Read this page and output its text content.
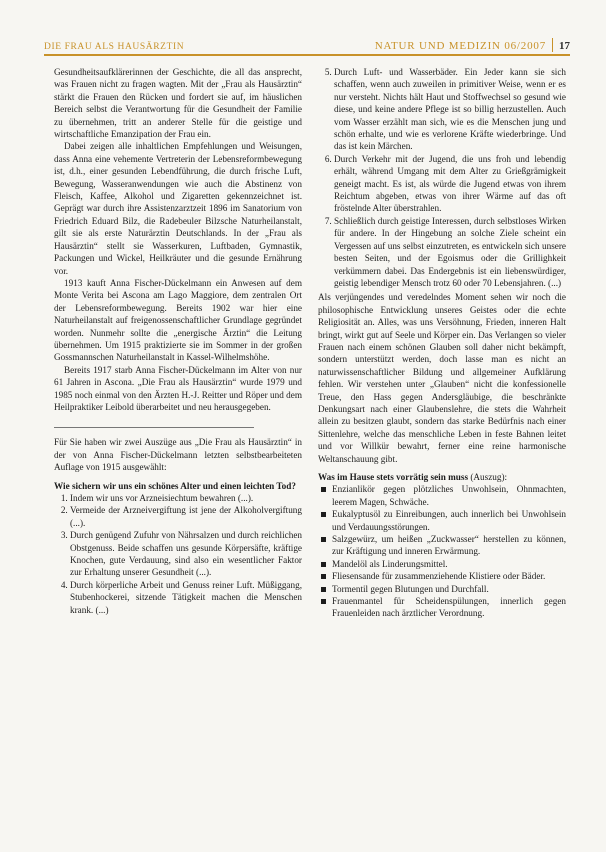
DIE FRAU ALS HAUSÄRZTIN	NATUR UND MEDIZIN 06/2007 17

Gesundheitsaufklärerinnen der Geschichte, die all das ansprecht, was Frauen nicht zu fragen wagten. Mit der „Frau als Hausärztin“ stärkt die Frauen den Rücken und fordert sie auf, im häuslichen Bereich selbst die Verantwortung für die Gesundheit der Familie zu übernehmen, tritt an anderer Stelle für die geistige und wirtschaftliche Emanzipation der Frau ein.

Dabei zeigen alle inhaltlichen Empfehlungen und Weisungen, dass Anna eine vehemente Vertreterin der Lebensreformbewegung ist, d.h., einer gesunden Lebendführung, die durch frische Luft, Bewegung, Wasseranwendungen wie auch die Abstinenz von Fleisch, Kaffee, Alkohol und Zigaretten gekennzeichnet ist. Geprägt war durch ihre Assistenzarztzeit 1896 im Sanatorium von Friedrich Eduard Bilz, die Radebeuler Bilzsche Naturheilanstalt, gilt sie als erste Naturärztin Deutschlands. In der „Frau als Hausärztin“ stellt sie Wasserkuren, Luftbaden, Gymnastik, Packungen und Wickel, Heilkräuter und die gesunde Ernährung vor.

1913 kauft Anna Fischer-Dückelmann ein Anwesen auf dem Monte Verita bei Ascona am Lago Maggiore, dem zentralen Ort der Lebensreformbewegung. Bereits 1902 war hier eine Naturheilanstalt auf freigenossenschaftlicher Grundlage gegründet worden. Nunmehr sollte die „energische Ärztin“ die Leitung übernehmen. Um 1915 praktizierte sie im Sommer in der großen Gossmannschen Naturheilanstalt in Kassel-Wilhelmshöhe.

Bereits 1917 starb Anna Fischer-Dückelmann im Alter von nur 61 Jahren in Ascona. „Die Frau als Hausärztin“ wurde 1979 und 1985 noch einmal von den Ärzten H.-J. Reitter und Röper und dem Heilpraktiker Leibold überarbeitet und neu herausgegeben.

Für Sie haben wir zwei Auszüge aus „Die Frau als Hausärztin“ in der von Anna Fischer-Dückelmann letzten selbstbearbeiteten Auflage von 1915 ausgewählt:

Wie sichern wir uns ein schönes Alter und einen leichten Tod?

1. Indem wir uns vor Arzneisiechtum bewahren (...).
2. Vermeide der Arzneivergiftung ist jene der Alkoholvergiftung (...).
3. Durch genügend Zufuhr von Nährsalzen und durch reichlichen Obstgenuss. Beide schaffen uns gesunde Körpersäfte, kräftige Knochen, gute Verdauung, sind also ein wesentlicher Faktor zur Erhaltung unserer Gesundheit (...).
4. Durch körperliche Arbeit und Genuss reiner Luft. Müßiggang, Stubenhockerei, sitzende Tätigkeit machen die Menschen krank. (...)
5. Durch Luft- und Wasserbäder. Ein Jeder kann sie sich schaffen, wenn auch zuweilen in primitiver Weise, wenn er es nur versteht. Nichts hält Haut und Stoffwechsel so gesund wie diese, und keine andere Pflege ist so billig herzustellen. Auch vom Wasser erzählt man sich, wie es die Menschen jung und schön erhalte, und wie es verlorene Kräfte wiederbringe. Und das ist kein Märchen.
6. Durch Verkehr mit der Jugend, die uns froh und lebendig erhält, während Umgang mit dem Alter zu Grießgrämigkeit geneigt macht. Es ist, als würde die Jugend etwas von ihrem Reichtum abgeben, etwas von ihrer Wärme auf das oft fröstelnde Alter überstrahlen.
7. Schließlich durch geistige Interessen, durch selbstloses Wirken für andere. In der Hingebung an solche Ziele scheint ein Vergessen auf uns selbst einzutreten, es entwickeln sich unsere besten Seiten, und der Egoismus oder die Grillighkeit verkümmern dabei. Das Endergebnis ist ein liebenswürdiger, geistig lebendiger Mensch trotz 60 oder 70 Lebensjahren. (...)

Als verjüngendes und veredelndes Moment sehen wir noch die philosophische Entwicklung unseres Geistes oder die echte Religiosität an. Alles, was uns Versöhnung, Frieden, inneren Halt bringt, wirkt gut auf Seele und Körper ein. Das Verlangen so vieler Frauen nach einem schönen Glauben soll daher nicht bekämpft, sondern unterstützt werden, doch lasse man es nicht an naturwissenschaftlicher Bildung und allgemeiner Aufklärung fehlen. Wir verstehen unter „Glauben“ nicht die konfessionelle Treue, den Hass gegen Andersgläubige, die beschränkte Denkungsart nach einer Glaubenslehre, die stets die Wahrheit allein zu besitzen glaubt, sondern das starke Bedürfnis nach einer Sittenlehre, welche das menschliche Leben in feste Bahnen leitet und vor Willkür bewahrt, ferner eine reine harmonische Weltanschauung gibt.

Was im Hause stets vorrätig sein muss (Auszug):

Enzianlikör gegen plötzliches Unwohlsein, Ohnmachten, leerem Magen, Schwäche.
Eukalyptusöl zu Einreibungen, auch innerlich bei Unwohlsein und Verdauungsstörungen.
Salzgewürz, um heißen „Zuckwasser“ herstellen zu können, zur Kräftigung und inneren Erwärmung.
Mandelöl als Linderungsmittel.
Fliesensande für zusammenziehende Klistiere oder Bäder.
Tormentil gegen Blutungen und Durchfall.
Frauenmantel für Scheidenspülungen, innerlich gegen Frauenleiden nach ärztlicher Verordnung.
